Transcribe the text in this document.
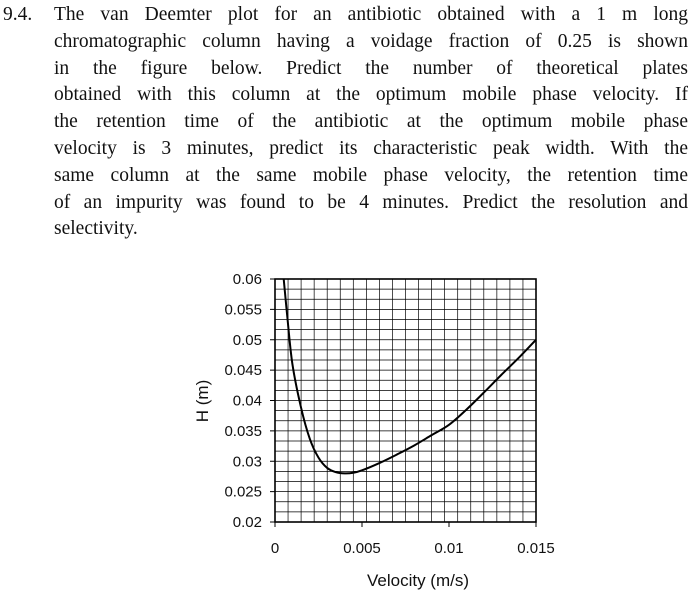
9.4. The van Deemter plot for an antibiotic obtained with a 1 m long
chromatographic column having a voidage fraction of 0.25 is shown
in the figure below. Predict the number of theoretical plates
obtained with this column at the optimum mobile phase velocity. If
the retention time of the antibiotic at the optimum mobile phase
velocity is 3 minutes, predict its characteristic peak width. With the
same column at the same mobile phase velocity, the retention time
of an impurity was found to be 4 minutes. Predict the resolution and
selectivity.
0.06
0.055
0.05
0.045
0.04
0.035
0.03
0.025
0.02
0	0.005	0.01	0.015
Velocity (m/s)
H (m)
